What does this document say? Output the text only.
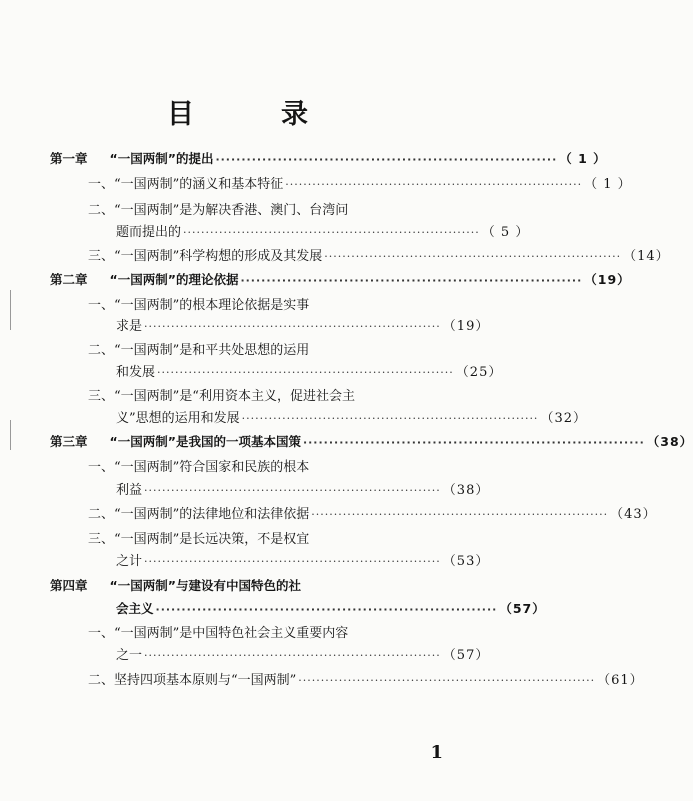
目　录
第一章 “一国两制”的提出 ·································································· （ 1 ）
一、“一国两制”的涵义和基本特征 ·································································· （ 1 ）
二、“一国两制”是为解决香港、澳门、台湾问
题而提出的 ·································································· （ 5 ）
三、“一国两制”科学构想的形成及其发展 ·································································· （14）
第二章 “一国两制”的理论依据 ·································································· （19）
一、“一国两制”的根本理论依据是实事
求是 ·································································· （19）
二、“一国两制”是和平共处思想的运用
和发展 ·································································· （25）
三、“一国两制”是“利用资本主义，促进社会主
义”思想的运用和发展 ·································································· （32）
第三章 “一国两制”是我国的一项基本国策 ·································································· （38）
一、“一国两制”符合国家和民族的根本
利益 ·································································· （38）
二、“一国两制”的法律地位和法律依据 ·································································· （43）
三、“一国两制”是长远决策，不是权宜
之计 ·································································· （53）
第四章 “一国两制”与建设有中国特色的社
会主义 ·································································· （57）
一、“一国两制”是中国特色社会主义重要内容
之一 ·································································· （57）
二、坚持四项基本原则与“一国两制” ·································································· （61）
1
